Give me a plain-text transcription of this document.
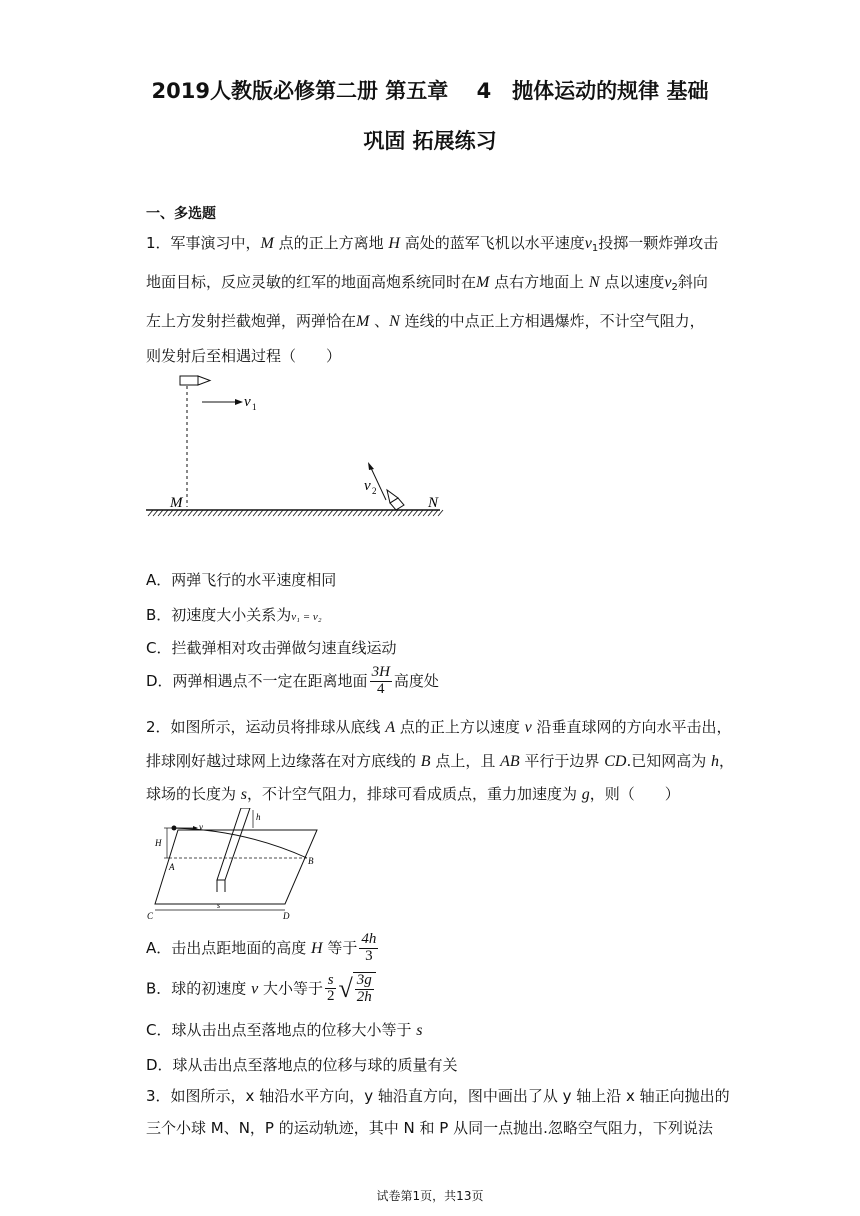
2019人教版必修第二册 第五章　 4　抛体运动的规律 基础
巩固 拓展练习
一、多选题
1．军事演习中，M 点的正上方离地 H 高处的蓝军飞机以水平速度$v_1$投掷一颗炸弹攻击
地面目标，反应灵敏的红军的地面高炮系统同时在M 点右方地面上 N 点以速度$v_2$斜向
左上方发射拦截炮弹，两弹恰在M 、N 连线的中点正上方相遇爆炸，不计空气阻力，
则发射后至相遇过程（　　）
v 1
v 2
M	N
A．两弹飞行的水平速度相同
B．初速度大小关系为v₁ = v₂
C．拦截弹相对攻击弹做匀速直线运动
D．两弹相遇点不一定在距离地面 $\frac{3H}{4}$ 高度处
2．如图所示，运动员将排球从底线 A 点的正上方以速度 v 沿垂直球网的方向水平击出，
排球刚好越过球网上边缘落在对方底线的 B 点上，且 AB 平行于边界 CD.已知网高为 h，
球场的长度为 s，不计空气阻力，排球可看成质点，重力加速度为 g，则（　　）
v
h
H
A
B
s
C	D
A．击出点距地面的高度 H 等于 $\frac{4h}{3}$
B．球的初速度 v 大小等于 $\frac{s}{2}$ √ $\frac{3g}{2h}$
C．球从击出点至落地点的位移大小等于 s
D．球从击出点至落地点的位移与球的质量有关
3．如图所示，x 轴沿水平方向，y 轴沿直方向，图中画出了从 y 轴上沿 x 轴正向抛出的
三个小球 M、N，P 的运动轨迹，其中 N 和 P 从同一点抛出.忽略空气阻力，下列说法
试卷第1页，共13页
